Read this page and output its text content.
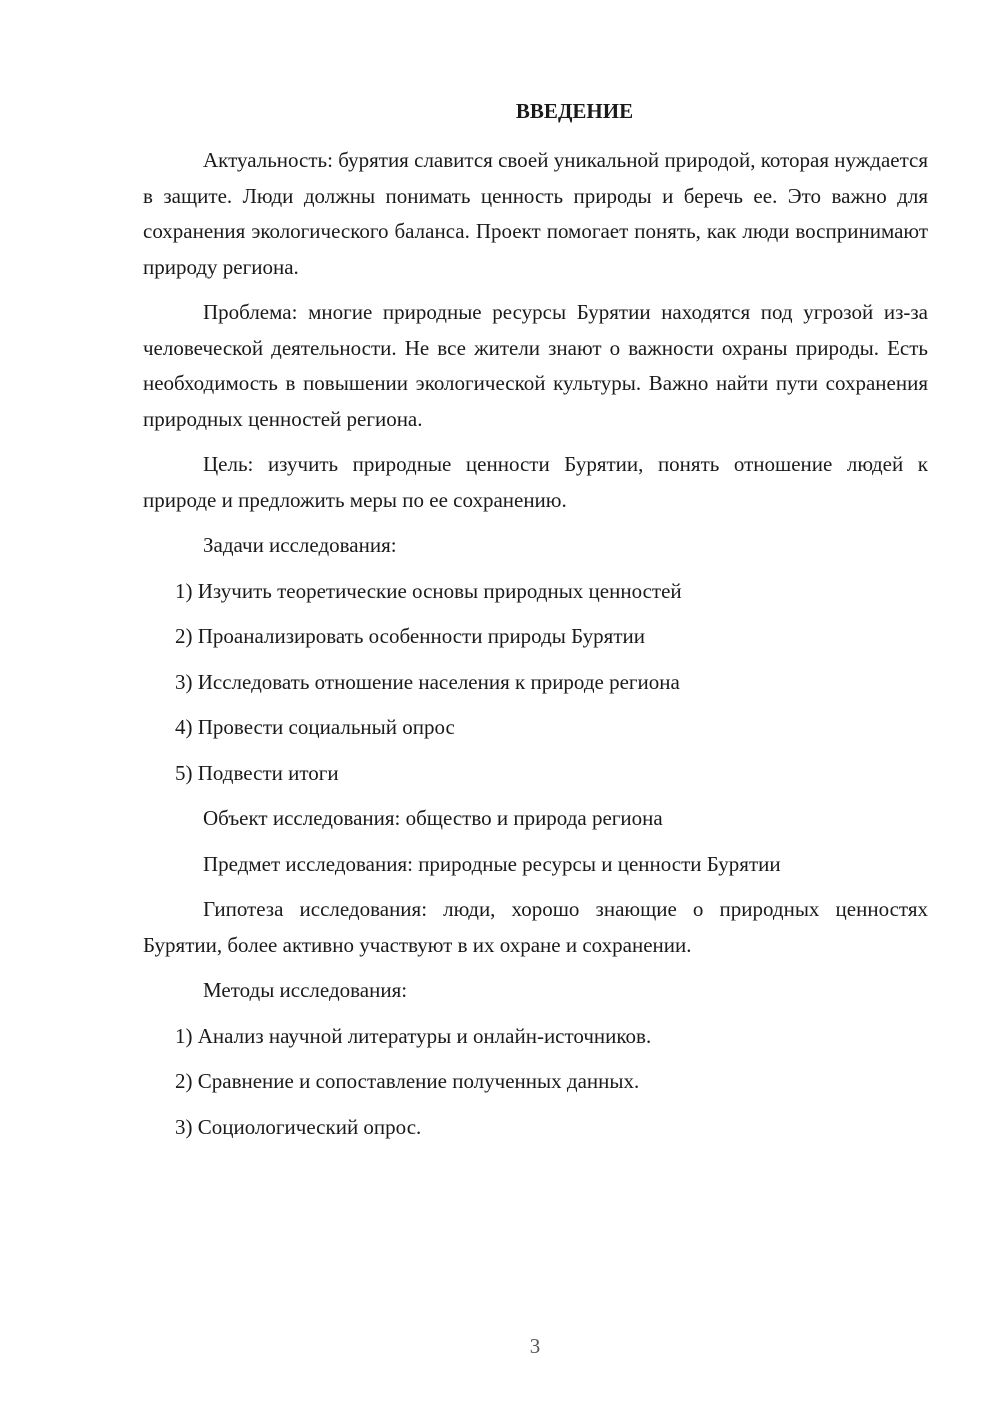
ВВЕДЕНИЕ

Актуальность: бурятия славится своей уникальной природой, которая нуждается в защите. Люди должны понимать ценность природы и беречь ее. Это важно для сохранения экологического баланса. Проект помогает понять, как люди воспринимают природу региона.

Проблема: многие природные ресурсы Бурятии находятся под угрозой из-за человеческой деятельности. Не все жители знают о важности охраны природы. Есть необходимость в повышении экологической культуры. Важно найти пути сохранения природных ценностей региона.

Цель: изучить природные ценности Бурятии, понять отношение людей к природе и предложить меры по ее сохранению.

Задачи исследования:
1) Изучить теоретические основы природных ценностей
2) Проанализировать особенности природы Бурятии
3) Исследовать отношение населения к природе региона
4) Провести социальный опрос
5) Подвести итоги
Объект исследования: общество и природа региона
Предмет исследования: природные ресурсы и ценности Бурятии

Гипотеза исследования: люди, хорошо знающие о природных ценностях Бурятии, более активно участвуют в их охране и сохранении.

Методы исследования:
1) Анализ научной литературы и онлайн-источников.
2) Сравнение и сопоставление полученных данных.
3) Социологический опрос.
3
